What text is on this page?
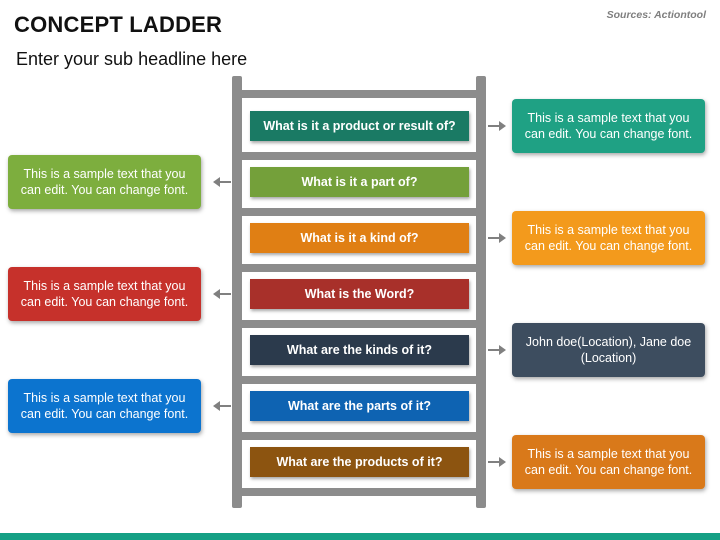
CONCEPT LADDER
Enter your sub headline here
Sources: Actiontool
What is it a product or result of?
What is it a part of?
What is it a kind of?
What is the Word?
What are the kinds of it?
What are the parts of it?
What are the products of it?
This is a sample text that you can edit. You can change font.
This is a sample text that you can edit. You can change font.
This is a sample text that you can edit. You can change font.
This is a sample text that you can edit. You can change font.
John doe(Location), Jane doe (Location)
This is a sample text that you can edit. You can change font.
This is a sample text that you can edit. You can change font.
